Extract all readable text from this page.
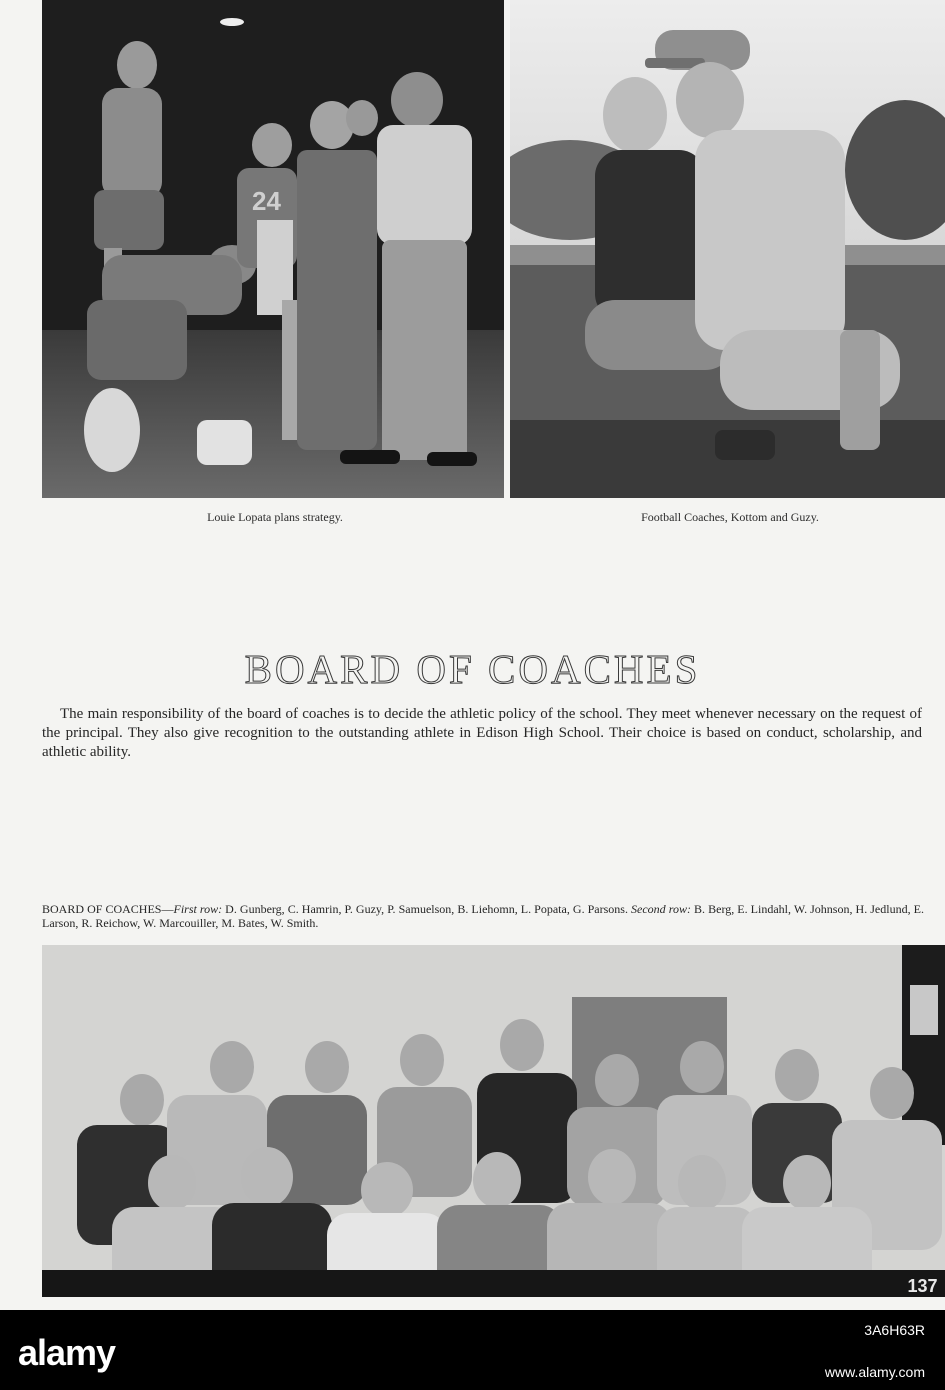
24
Louie Lopata plans strategy.	Football Coaches, Kottom and Guzy.
BOARD OF COACHES

The main responsibility of the board of coaches is to decide the athletic policy of the school. They meet whenever necessary on the request of the principal. They also give recognition to the outstanding athlete in Edison High School. Their choice is based on conduct, scholarship, and athletic ability.

BOARD OF COACHES—First row: D. Gunberg, C. Hamrin, P. Guzy, P. Samuelson, B. Liehomn, L. Popata, G. Parsons. Second row: B. Berg, E. Lindahl, W. Johnson, H. Jedlund, E. Larson, R. Reichow, W. Marcouiller, M. Bates, W. Smith.

137
alamy
3A6H63R
www.alamy.com
